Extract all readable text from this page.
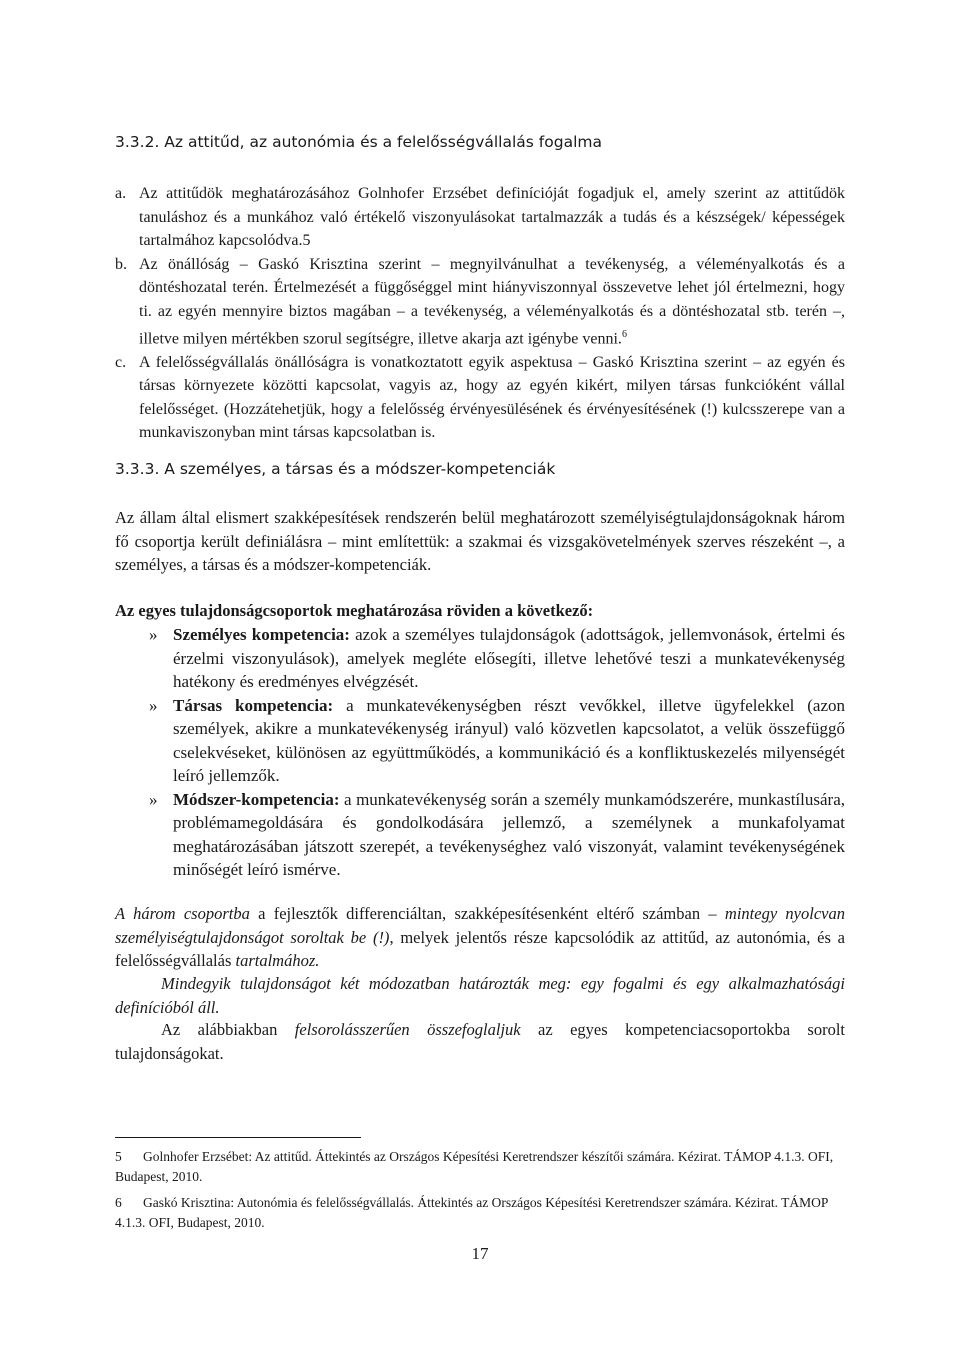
3.3.2. Az attitűd, az autonómia és a felelősségvállalás fogalma
a. Az attitűdök meghatározásához Golnhofer Erzsébet definícióját fogadjuk el, amely szerint az attitűdök tanuláshoz és a munkához való értékelő viszonyulásokat tartalmazzák a tudás és a készségek/ képességek tartalmához kapcsolódva.5
b. Az önállóság – Gaskó Krisztina szerint – megnyilvánulhat a tevékenység, a véleményalkotás és a döntéshozatal terén. Értelmezését a függőséggel mint hiányviszonnyal összevetve lehet jól értelmezni, hogy ti. az egyén mennyire biztos magában – a tevékenység, a véleményalkotás és a döntéshozatal stb. terén –, illetve milyen mértékben szorul segítségre, illetve akarja azt igénybe venni.$^6$
c. A felelősségvállalás önállóságra is vonatkoztatott egyik aspektusa – Gaskó Krisztina szerint – az egyén és társas környezete közötti kapcsolat, vagyis az, hogy az egyén kikért, milyen társas funkcióként vállal felelősséget. (Hozzátehetjük, hogy a felelősség érvényesülésének és érvényesítésének (!) kulcsszerepe van a munkaviszonyban mint társas kapcsolatban is.
3.3.3. A személyes, a társas és a módszer-kompetenciák
Az állam által elismert szakképesítések rendszerén belül meghatározott személyiségtulajdonságoknak három fő csoportja került definiálásra – mint említettük: a szakmai és vizsgakövetelmények szerves részeként –, a személyes, a társas és a módszer-kompetenciák.
Az egyes tulajdonságcsoportok meghatározása röviden a következő:
» Személyes kompetencia: azok a személyes tulajdonságok (adottságok, jellemvonások, értelmi és érzelmi viszonyulások), amelyek megléte elősegíti, illetve lehetővé teszi a munkatevékenység hatékony és eredményes elvégzését.
» Társas kompetencia: a munkatevékenységben részt vevőkkel, illetve ügyfelekkel (azon személyek, akikre a munkatevékenység irányul) való közvetlen kapcsolatot, a velük összefüggő cselekvéseket, különösen az együttműködés, a kommunikáció és a konfliktuskezelés milyenségét leíró jellemzők.
» Módszer-kompetencia: a munkatevékenység során a személy munkamódszerére, munkastílusára, problémamegoldására és gondolkodására jellemző, a személynek a munkafolyamat meghatározásában játszott szerepét, a tevékenységhez való viszonyát, valamint tevékenységének minőségét leíró ismérve.
A három csoportba a fejlesztők differenciáltan, szakképesítésenként eltérő számban – mintegy nyolcvan személyiségtulajdonságot soroltak be (!), melyek jelentős része kapcsolódik az attitűd, az autonómia, és a felelősségvállalás tartalmához.
Mindegyik tulajdonságot két módozatban határozták meg: egy fogalmi és egy alkalmazhatósági definícióból áll.
Az alábbiakban felsorolásszerűen összefoglaljuk az egyes kompetenciacsoportokba sorolt tulajdonságokat.
5 Golnhofer Erzsébet: Az attitűd. Áttekintés az Országos Képesítési Keretrendszer készítői számára. Kézirat. TÁMOP 4.1.3. OFI, Budapest, 2010.
6 Gaskó Krisztina: Autonómia és felelősségvállalás. Áttekintés az Országos Képesítési Keretrendszer számára. Kézirat. TÁMOP 4.1.3. OFI, Budapest, 2010.
17
